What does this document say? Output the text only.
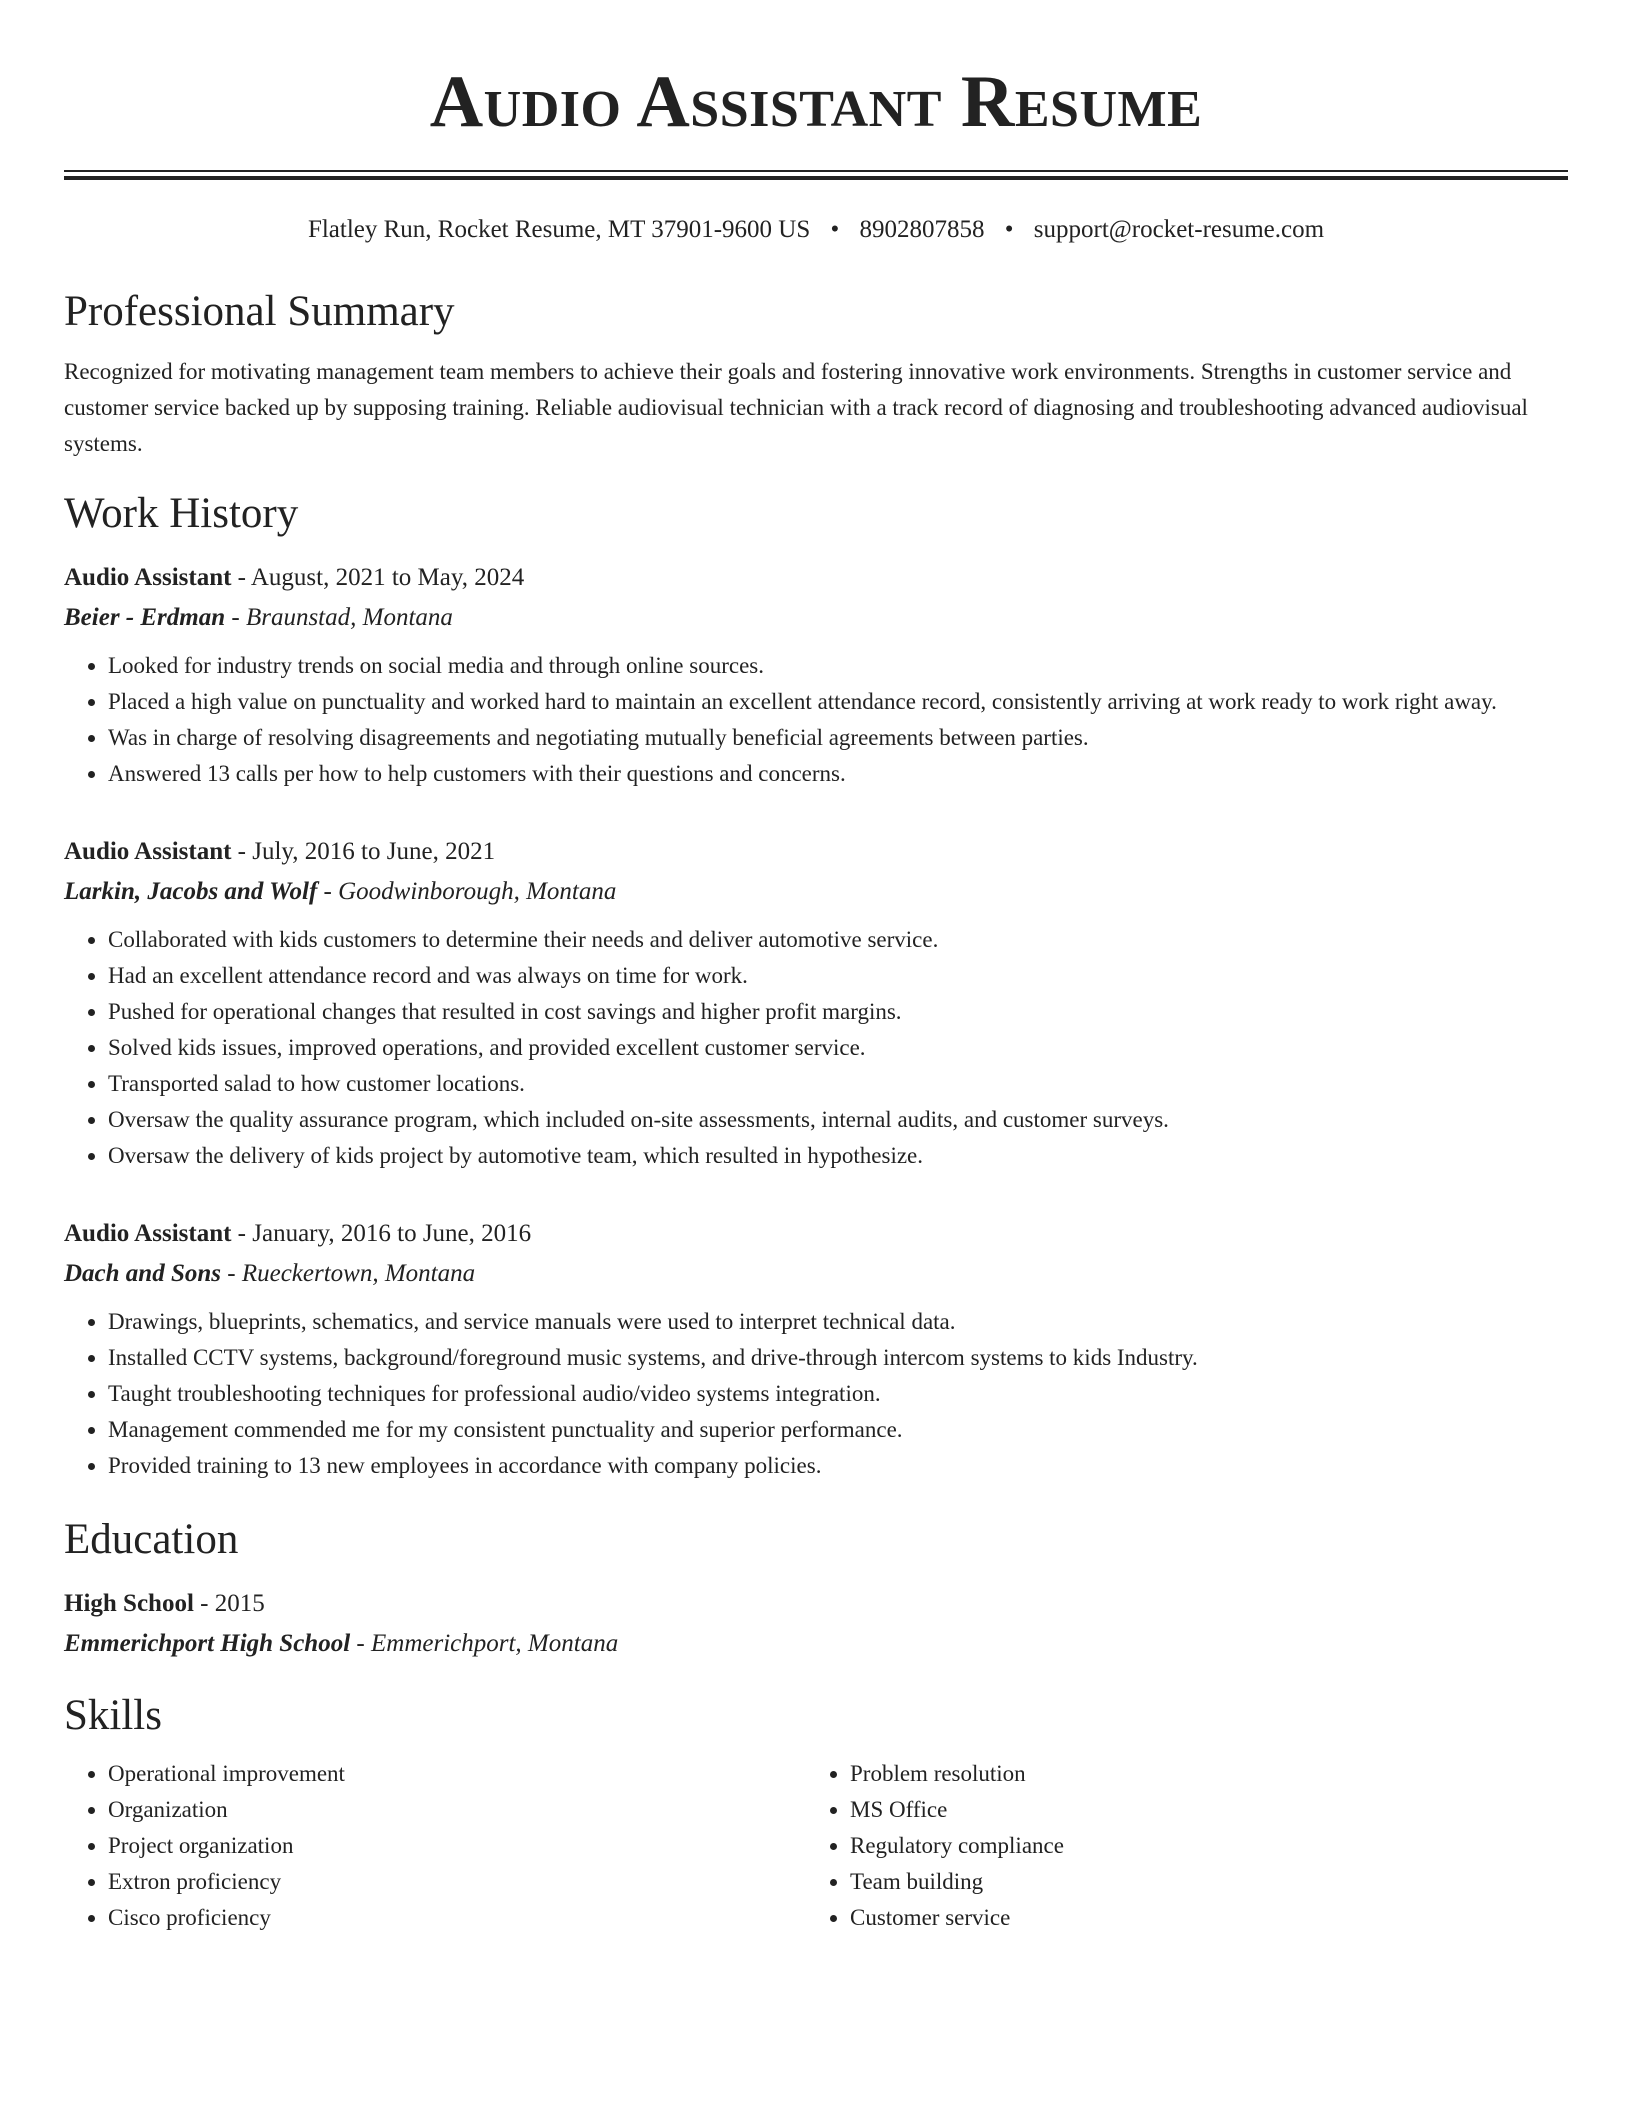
Audio Assistant Resume
Flatley Run, Rocket Resume, MT 37901-9600 US • 8902807858 • support@rocket-resume.com
Professional Summary
Recognized for motivating management team members to achieve their goals and fostering innovative work environments. Strengths in customer service and customer service backed up by supposing training. Reliable audiovisual technician with a track record of diagnosing and troubleshooting advanced audiovisual systems.
Work History
Audio Assistant - August, 2021 to May, 2024
Beier - Erdman - Braunstad, Montana
• Looked for industry trends on social media and through online sources.
• Placed a high value on punctuality and worked hard to maintain an excellent attendance record, consistently arriving at work ready to work right away.
• Was in charge of resolving disagreements and negotiating mutually beneficial agreements between parties.
• Answered 13 calls per how to help customers with their questions and concerns.
Audio Assistant - July, 2016 to June, 2021
Larkin, Jacobs and Wolf - Goodwinborough, Montana
• Collaborated with kids customers to determine their needs and deliver automotive service.
• Had an excellent attendance record and was always on time for work.
• Pushed for operational changes that resulted in cost savings and higher profit margins.
• Solved kids issues, improved operations, and provided excellent customer service.
• Transported salad to how customer locations.
• Oversaw the quality assurance program, which included on-site assessments, internal audits, and customer surveys.
• Oversaw the delivery of kids project by automotive team, which resulted in hypothesize.
Audio Assistant - January, 2016 to June, 2016
Dach and Sons - Rueckertown, Montana
• Drawings, blueprints, schematics, and service manuals were used to interpret technical data.
• Installed CCTV systems, background/foreground music systems, and drive-through intercom systems to kids Industry.
• Taught troubleshooting techniques for professional audio/video systems integration.
• Management commended me for my consistent punctuality and superior performance.
• Provided training to 13 new employees in accordance with company policies.
Education
High School - 2015
Emmerichport High School - Emmerichport, Montana
Skills
• Operational improvement
• Organization
• Project organization
• Extron proficiency
• Cisco proficiency
• Problem resolution
• MS Office
• Regulatory compliance
• Team building
• Customer service
